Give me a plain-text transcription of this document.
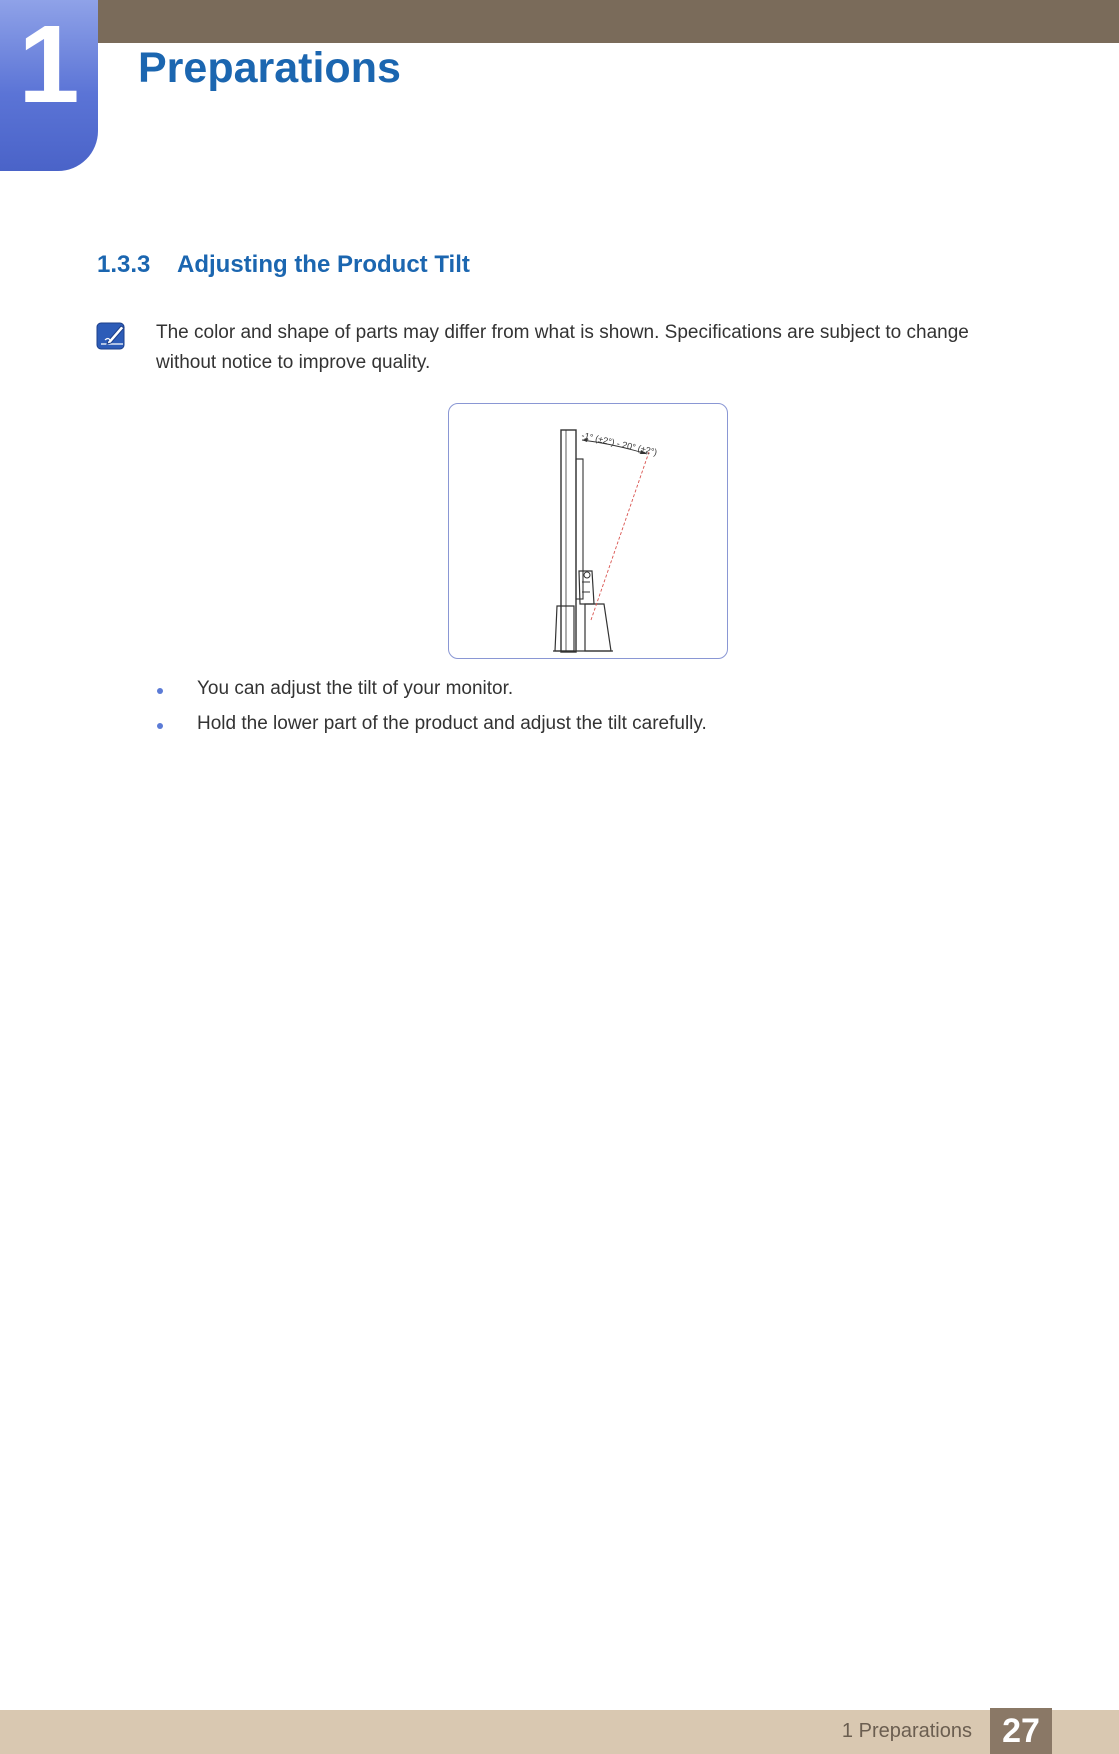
1	Preparations
1.3.3 Adjusting the Product Tilt

The color and shape of parts may differ from what is shown. Specifications are subject to change without notice to improve quality.

-1° (±2°) - 20° (±2°)
You can adjust the tilt of your monitor.
Hold the lower part of the product and adjust the tilt carefully.
1 Preparations 27
